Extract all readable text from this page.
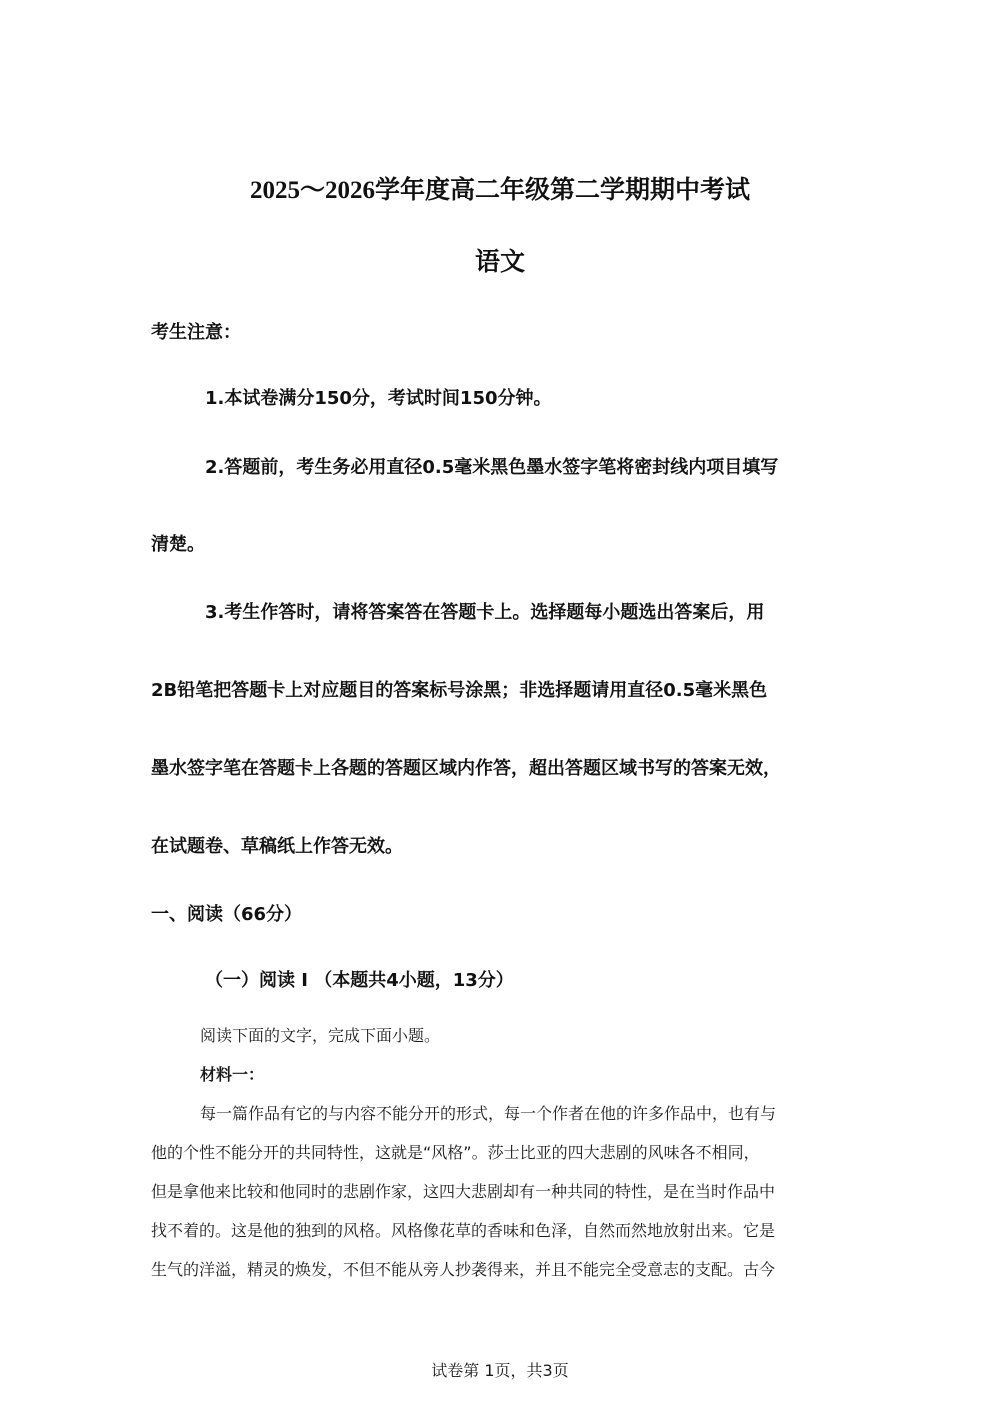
2025～2026学年度高二年级第二学期期中考试
语文
考生注意：
1.本试卷满分150分，考试时间150分钟。
2.答题前，考生务必用直径0.5毫米黑色墨水签字笔将密封线内项目填写
清楚。
3.考生作答时，请将答案答在答题卡上。选择题每小题选出答案后，用
2B铅笔把答题卡上对应题目的答案标号涂黑；非选择题请用直径0.5毫米黑色
墨水签字笔在答题卡上各题的答题区域内作答，超出答题区域书写的答案无效，
在试题卷、草稿纸上作答无效。
一、阅读（66分）
（一）阅读 I （本题共4小题，13分）
阅读下面的文字，完成下面小题。
材料一：
每一篇作品有它的与内容不能分开的形式，每一个作者在他的许多作品中，也有与
他的个性不能分开的共同特性，这就是“风格”。莎士比亚的四大悲剧的风味各不相同，
但是拿他来比较和他同时的悲剧作家，这四大悲剧却有一种共同的特性，是在当时作品中
找不着的。这是他的独到的风格。风格像花草的香味和色泽，自然而然地放射出来。它是
生气的洋溢，精灵的焕发，不但不能从旁人抄袭得来，并且不能完全受意志的支配。古今
试卷第 1页，共3页
